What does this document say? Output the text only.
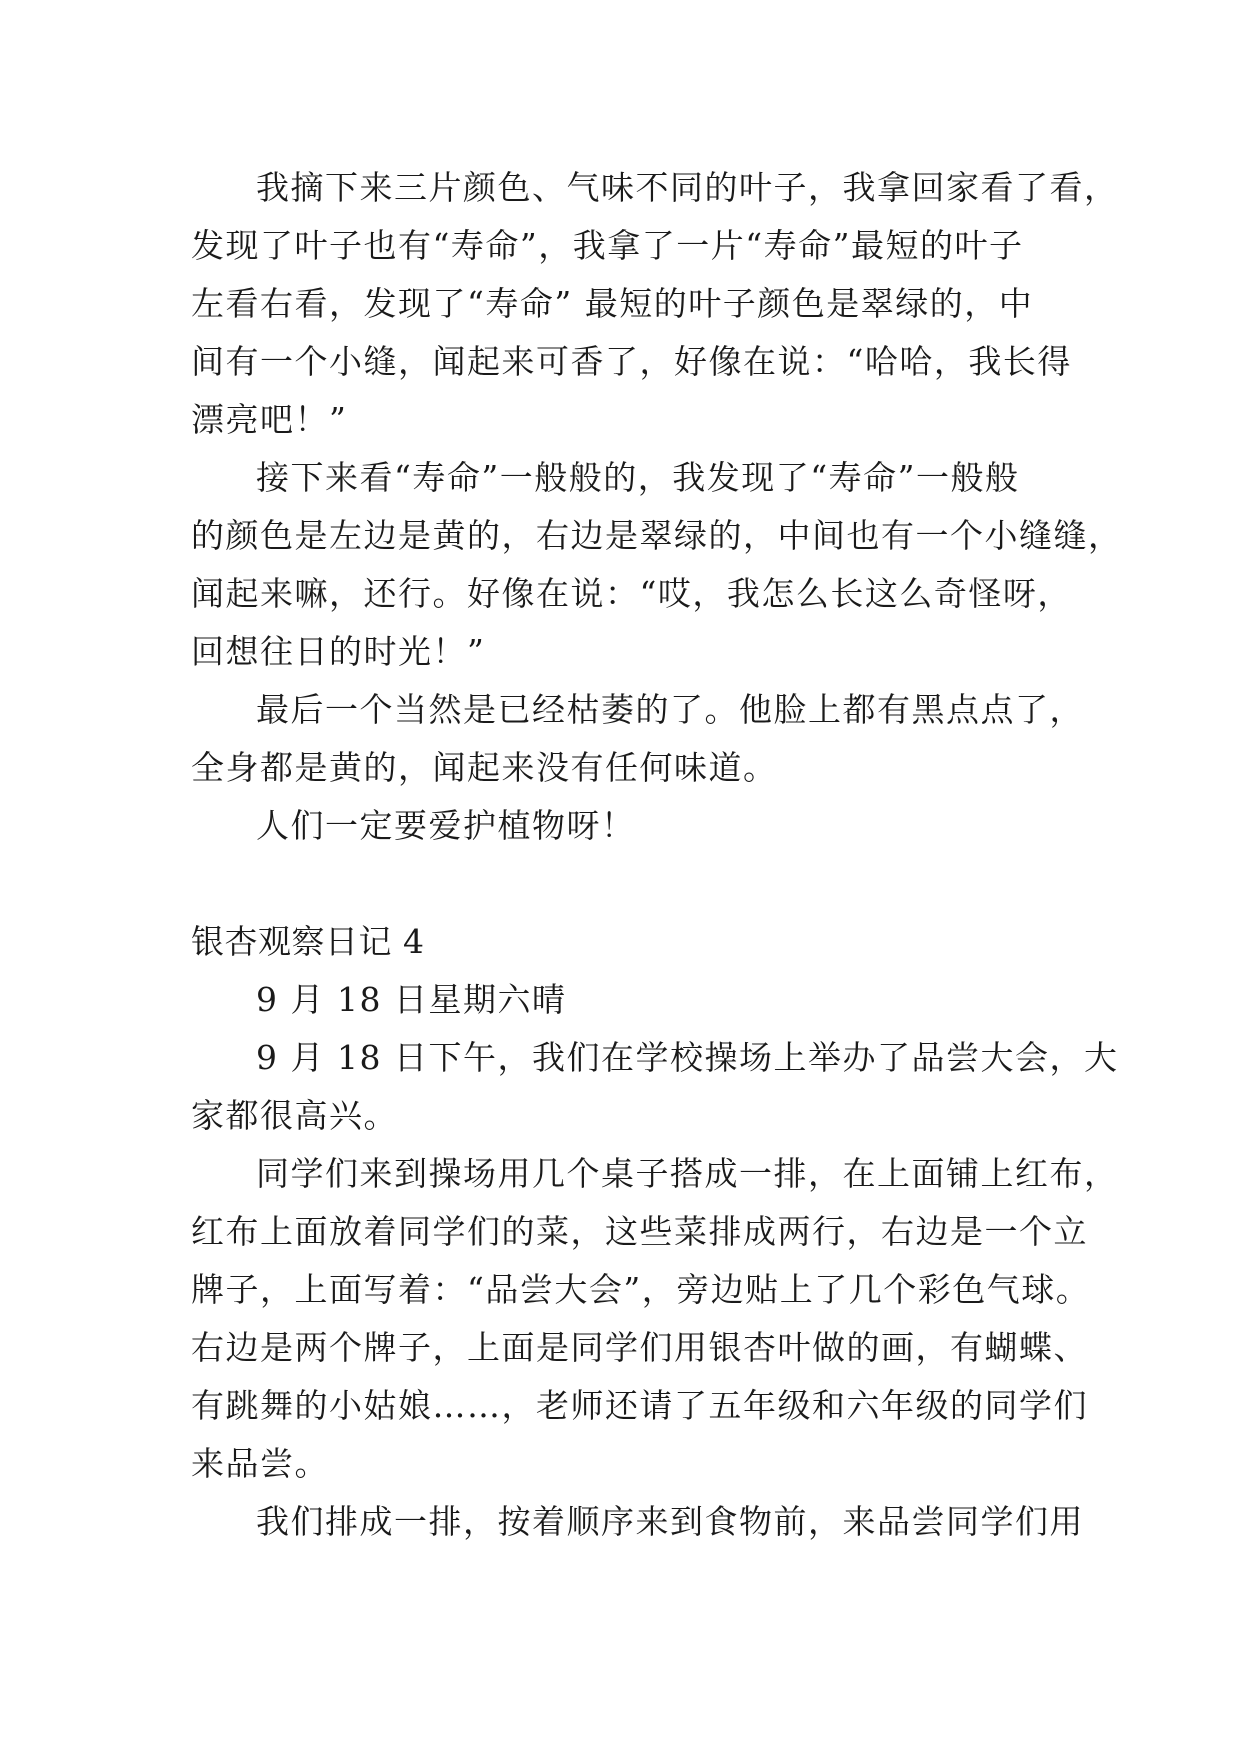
我摘下来三片颜色、气味不同的叶子，我拿回家看了看，
发现了叶子也有“寿命”，我拿了一片“寿命”最短的叶子
左看右看，发现了“寿命” 最短的叶子颜色是翠绿的，中
间有一个小缝，闻起来可香了，好像在说：“哈哈，我长得
漂亮吧！”
接下来看“寿命”一般般的，我发现了“寿命”一般般
的颜色是左边是黄的，右边是翠绿的，中间也有一个小缝缝，
闻起来嘛，还行。好像在说：“哎，我怎么长这么奇怪呀，
回想往日的时光！”
最后一个当然是已经枯萎的了。他脸上都有黑点点了，
全身都是黄的，闻起来没有任何味道。
人们一定要爱护植物呀！
银杏观察日记 4
9 月 18 日星期六晴
9 月 18 日下午，我们在学校操场上举办了品尝大会，大
家都很高兴。
同学们来到操场用几个桌子搭成一排，在上面铺上红布，
红布上面放着同学们的菜，这些菜排成两行，右边是一个立
牌子，上面写着：“品尝大会”，旁边贴上了几个彩色气球。
右边是两个牌子，上面是同学们用银杏叶做的画，有蝴蝶、
有跳舞的小姑娘……，老师还请了五年级和六年级的同学们
来品尝。
我们排成一排，按着顺序来到食物前，来品尝同学们用
